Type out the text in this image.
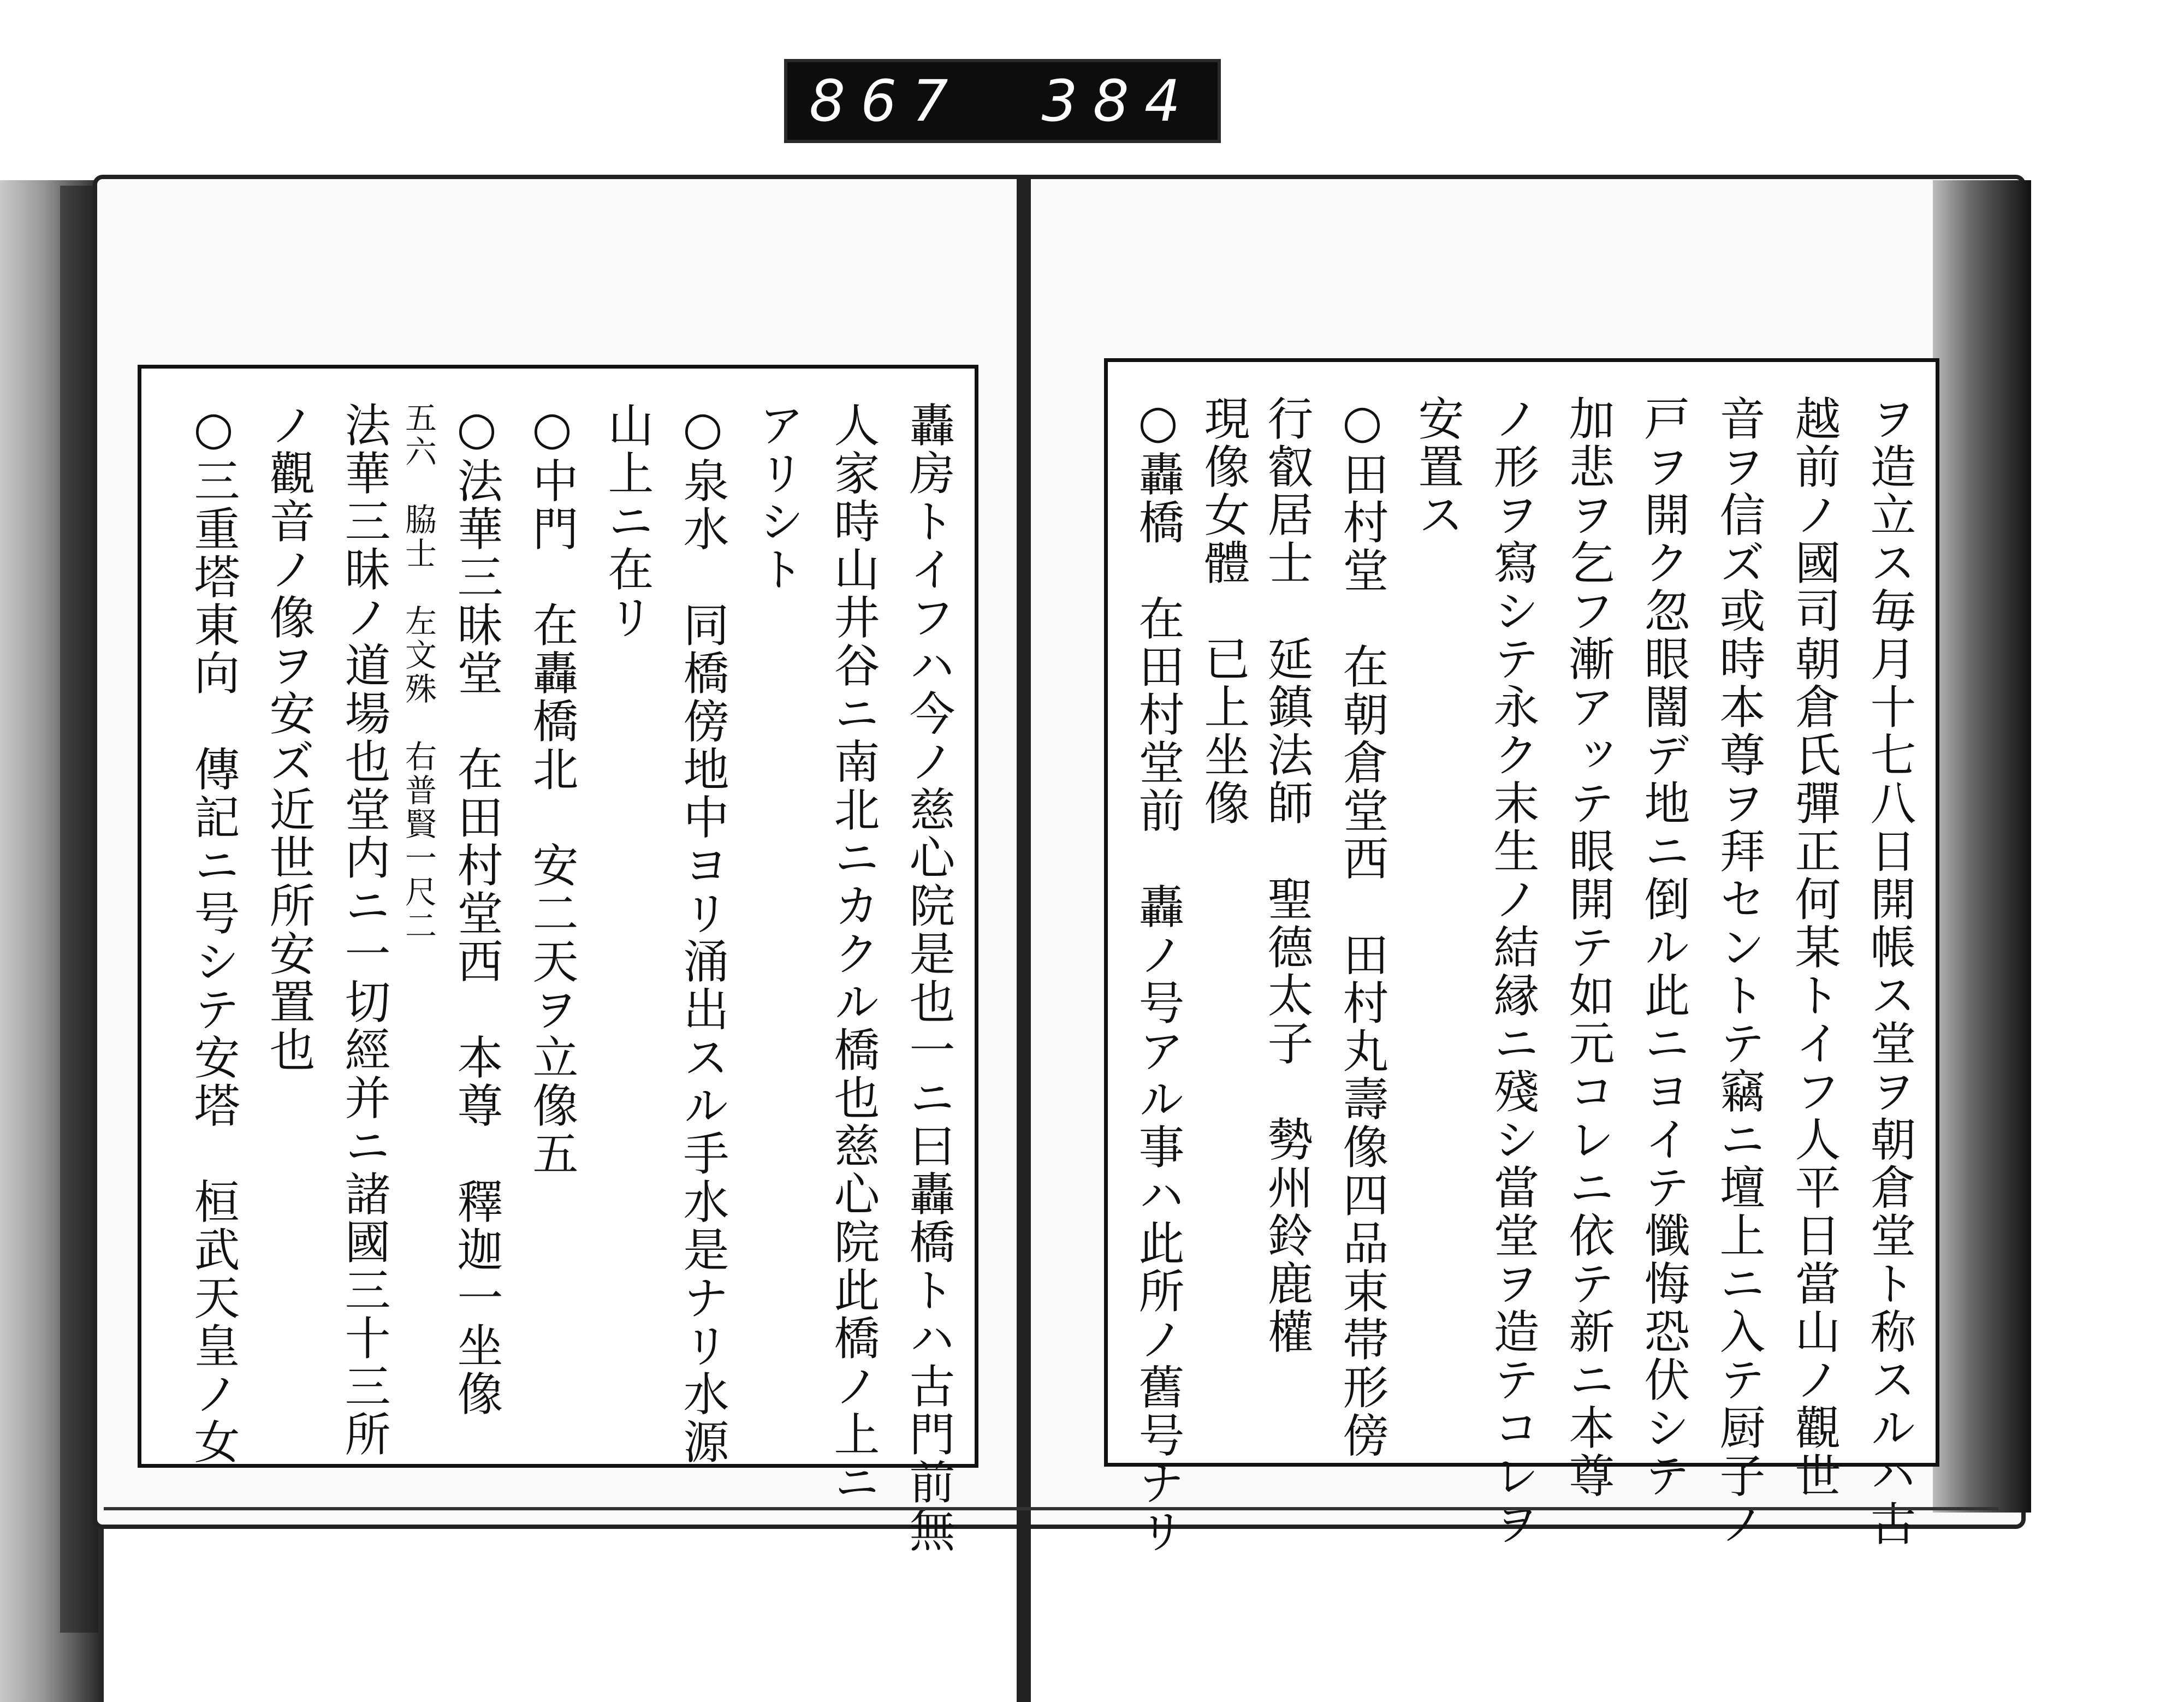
867 384
轟房トイフハ今ノ慈心院是也一ニ曰轟橋トハ古門前無
人家時山井谷ニ南北ニカクル橋也慈心院此橋ノ上ニ
アリシト
○泉水　同橋傍地中ヨリ涌出スル手水是ナリ水源
山上ニ在リ
○中門　在轟橋北　安二天ヲ立像五
○法華三昧堂　在田村堂西　本尊　釋迦一坐像
五六　脇士　左文殊　右普賢一尺二
法華三昧ノ道場也堂内ニ一切經并ニ諸國三十三所
ノ觀音ノ像ヲ安ズ近世所安置也
○三重塔東向　傳記ニ号シテ安塔　桓武天皇ノ女	ヲ造立ス毎月十七八日開帳ス堂ヲ朝倉堂ト称スルハ古
越前ノ國司朝倉氏彈正何某トイフ人平日當山ノ觀世
音ヲ信ズ或時本尊ヲ拜セントテ竊ニ壇上ニ入テ厨子ノ
戸ヲ開ク忽眼闇デ地ニ倒ル此ニヨイテ懺悔恐伏シテ
加悲ヲ乞フ漸アッテ眼開テ如元コレニ依テ新ニ本尊
ノ形ヲ寫シテ永ク末生ノ結縁ニ殘シ當堂ヲ造テコレヲ
安置ス
○田村堂　在朝倉堂西　田村丸壽像四品束帯形傍
行叡居士　延鎮法師　聖德太子　勢州鈴鹿權
現像女體　已上坐像
○轟橋　在田村堂前　轟ノ号アル事ハ此所ノ舊号ナリ
